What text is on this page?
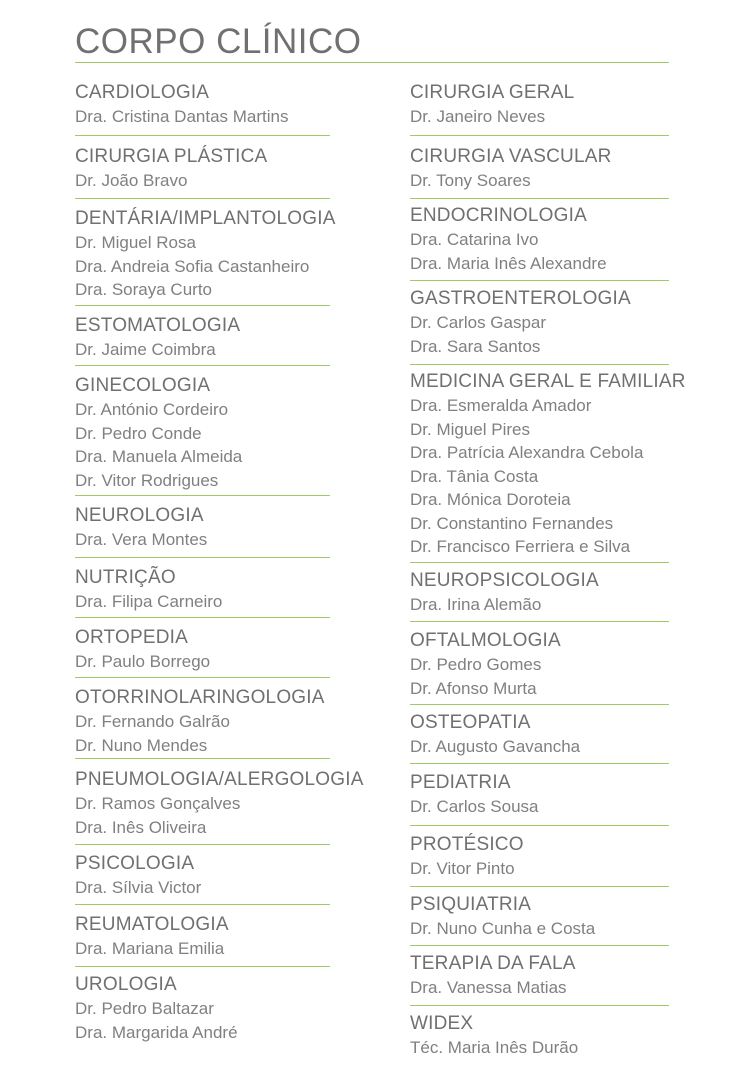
CORPO CLÍNICO
CARDIOLOGIA
Dra. Cristina Dantas Martins
CIRURGIA PLÁSTICA
Dr. João Bravo
DENTÁRIA/IMPLANTOLOGIA
Dr. Miguel Rosa
Dra. Andreia Sofia Castanheiro
Dra. Soraya Curto
ESTOMATOLOGIA
Dr. Jaime Coimbra
GINECOLOGIA
Dr. António Cordeiro
Dr. Pedro Conde
Dra. Manuela Almeida
Dr. Vitor Rodrigues
NEUROLOGIA
Dra. Vera Montes
NUTRIÇÃO
Dra. Filipa Carneiro
ORTOPEDIA
Dr. Paulo Borrego
OTORRINOLARINGOLOGIA
Dr. Fernando Galrão
Dr. Nuno Mendes
PNEUMOLOGIA/ALERGOLOGIA
Dr. Ramos Gonçalves
Dra. Inês Oliveira
PSICOLOGIA
Dra. Sílvia Victor
REUMATOLOGIA
Dra. Mariana Emilia
UROLOGIA
Dr. Pedro Baltazar
Dra. Margarida André
CIRURGIA GERAL
Dr. Janeiro Neves
CIRURGIA VASCULAR
Dr. Tony Soares
ENDOCRINOLOGIA
Dra. Catarina Ivo
Dra. Maria Inês Alexandre
GASTROENTEROLOGIA
Dr. Carlos Gaspar
Dra. Sara Santos
MEDICINA GERAL E FAMILIAR
Dra. Esmeralda Amador
Dr. Miguel Pires
Dra. Patrícia Alexandra Cebola
Dra. Tânia Costa
Dra. Mónica Doroteia
Dr. Constantino Fernandes
Dr. Francisco Ferriera e Silva
NEUROPSICOLOGIA
Dra. Irina Alemão
OFTALMOLOGIA
Dr. Pedro Gomes
Dr. Afonso Murta
OSTEOPATIA
Dr. Augusto Gavancha
PEDIATRIA
Dr. Carlos Sousa
PROTÉSICO
Dr. Vitor Pinto
PSIQUIATRIA
Dr. Nuno Cunha e Costa
TERAPIA DA FALA
Dra. Vanessa Matias
WIDEX
Téc. Maria Inês Durão
